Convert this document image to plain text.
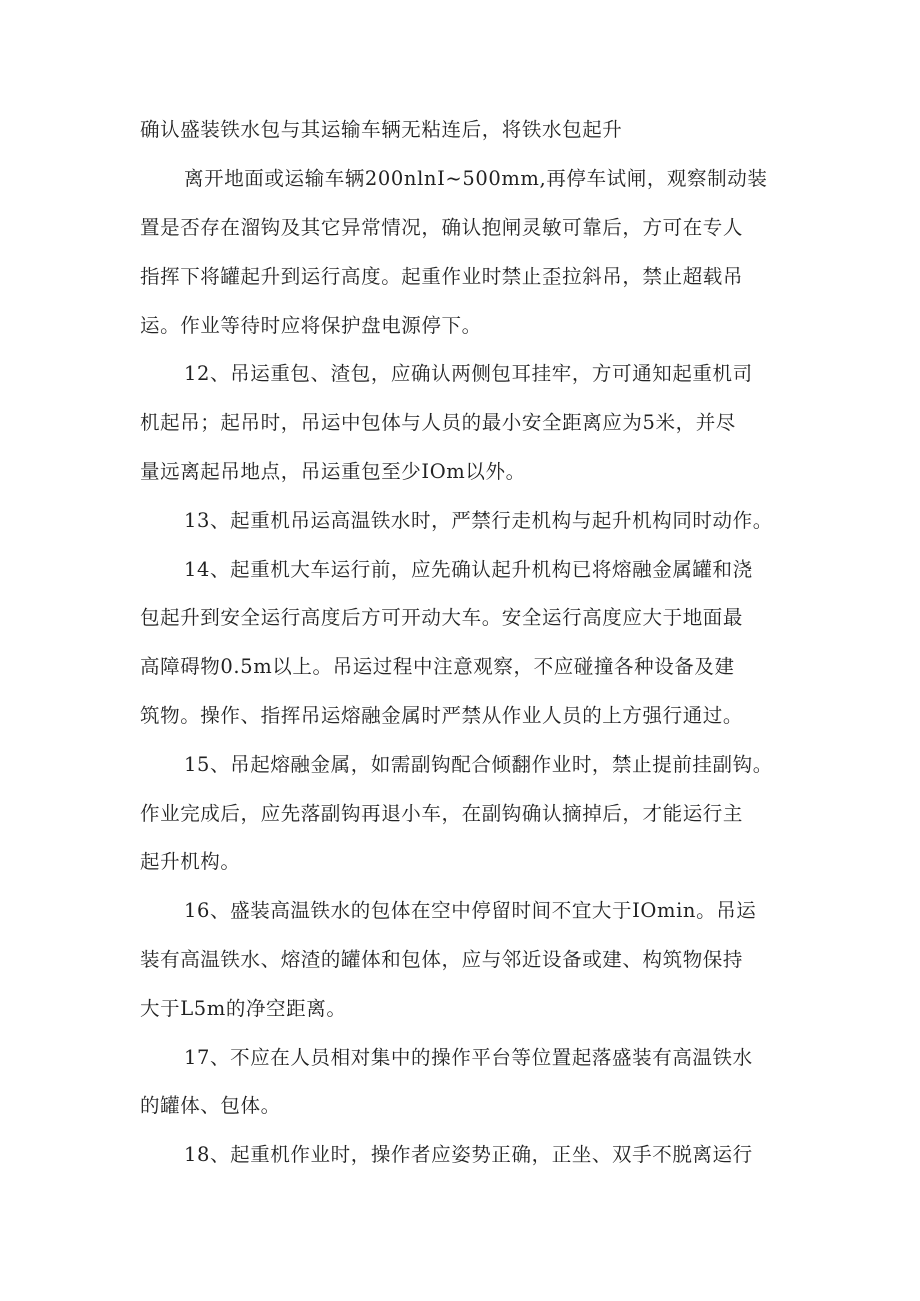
确认盛装铁水包与其运输车辆无粘连后，将铁水包起升
离开地面或运输车辆200nlnI~500mm,再停车试闸，观察制动装
置是否存在溜钩及其它异常情况，确认抱闸灵敏可靠后，方可在专人
指挥下将罐起升到运行高度。起重作业时禁止歪拉斜吊，禁止超载吊
运。作业等待时应将保护盘电源停下。
12、吊运重包、渣包，应确认两侧包耳挂牢，方可通知起重机司
机起吊；起吊时，吊运中包体与人员的最小安全距离应为5米，并尽
量远离起吊地点，吊运重包至少IOm以外。
13、起重机吊运高温铁水时，严禁行走机构与起升机构同时动作。
14、起重机大车运行前，应先确认起升机构已将熔融金属罐和浇
包起升到安全运行高度后方可开动大车。安全运行高度应大于地面最
高障碍物0.5m以上。吊运过程中注意观察，不应碰撞各种设备及建
筑物。操作、指挥吊运熔融金属时严禁从作业人员的上方强行通过。
15、吊起熔融金属，如需副钩配合倾翻作业时，禁止提前挂副钩。
作业完成后，应先落副钩再退小车，在副钩确认摘掉后，才能运行主
起升机构。
16、盛装高温铁水的包体在空中停留时间不宜大于IOmin。吊运
装有高温铁水、熔渣的罐体和包体，应与邻近设备或建、构筑物保持
大于L5m的净空距离。
17、不应在人员相对集中的操作平台等位置起落盛装有高温铁水
的罐体、包体。
18、起重机作业时，操作者应姿势正确，正坐、双手不脱离运行
